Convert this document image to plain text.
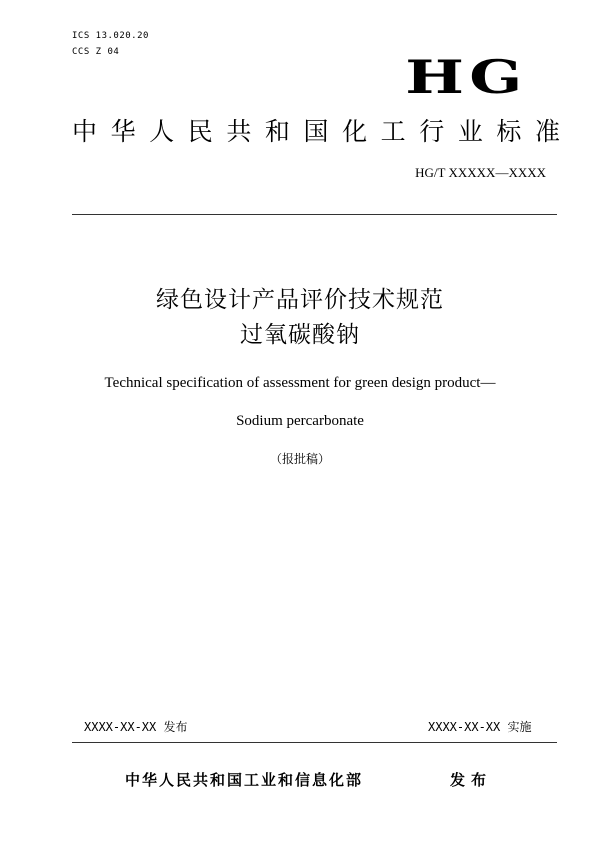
ICS 13.020.20
CCS Z 04	HG
中华人民共和国化工行业标准
HG/T XXXXX—XXXX
绿色设计产品评价技术规范
过氧碳酸钠
Technical specification of assessment for green design product—
Sodium percarbonate
（报批稿）
XXXX-XX-XX 发布	XXXX-XX-XX 实施
中华人民共和国工业和信息化部	发布
